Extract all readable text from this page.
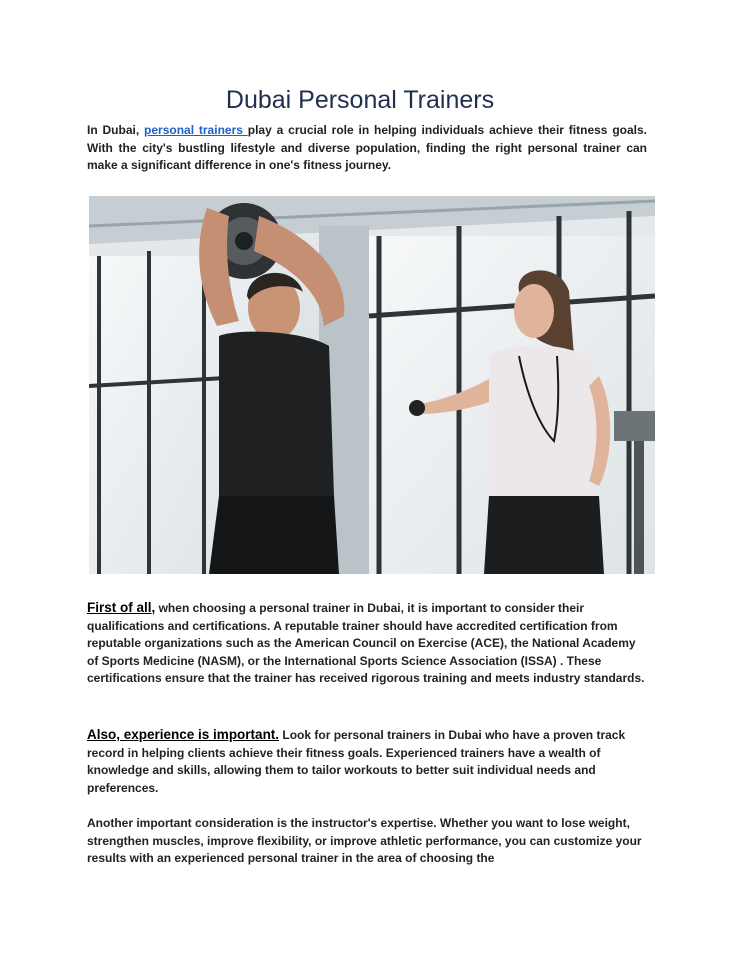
Dubai Personal Trainers

In Dubai, personal trainers play a crucial role in helping individuals achieve their fitness goals. With the city's bustling lifestyle and diverse population, finding the right personal trainer can make a significant difference in one's fitness journey.

First of all, when choosing a personal trainer in Dubai, it is important to consider their qualifications and certifications. A reputable trainer should have accredited certification from reputable organizations such as the American Council on Exercise (ACE), the National Academy of Sports Medicine (NASM), or the International Sports Science Association (ISSA) . These certifications ensure that the trainer has received rigorous training and meets industry standards.

Also, experience is important. Look for personal trainers in Dubai who have a proven track record in helping clients achieve their fitness goals. Experienced trainers have a wealth of knowledge and skills, allowing them to tailor workouts to better suit individual needs and preferences.

Another important consideration is the instructor's expertise. Whether you want to lose weight, strengthen muscles, improve flexibility, or improve athletic performance, you can customize your results with an experienced personal trainer in the area of choosing the
